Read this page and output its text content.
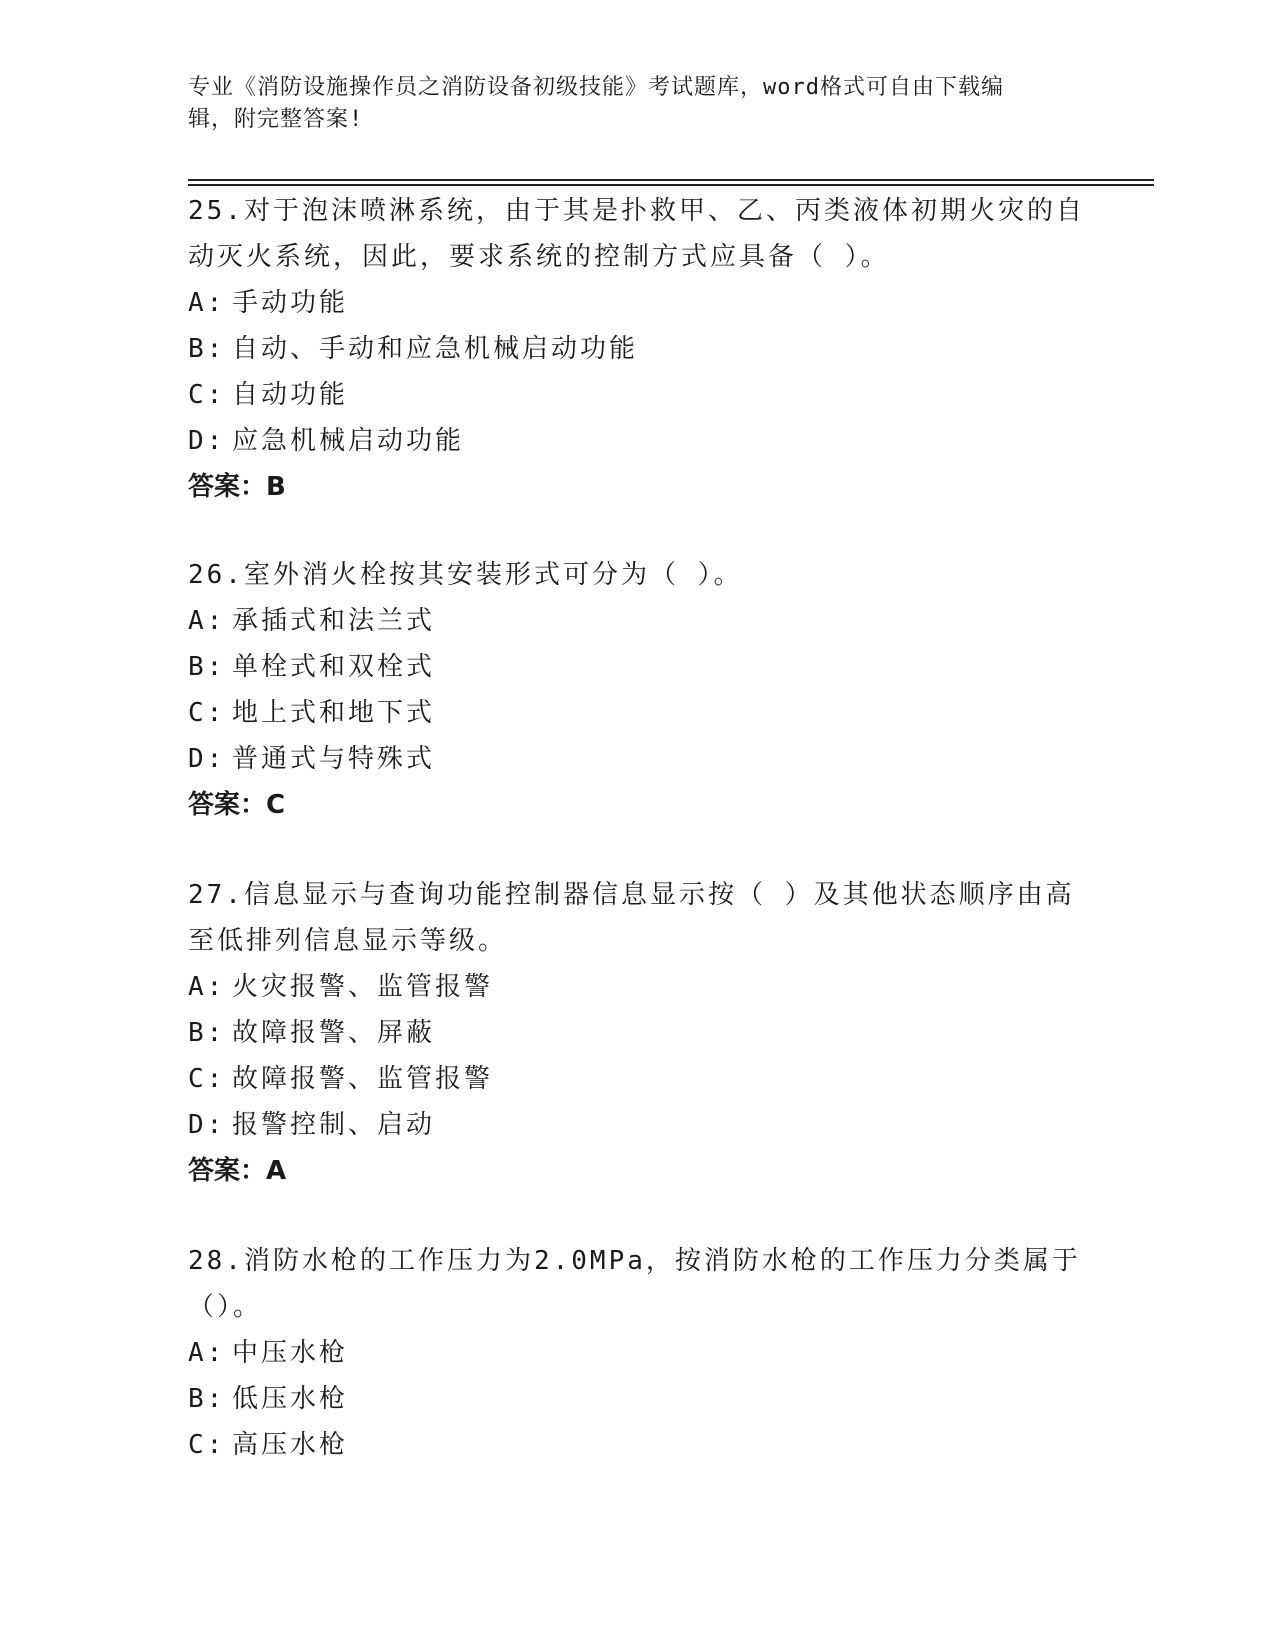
专业《消防设施操作员之消防设备初级技能》考试题库，word格式可自由下载编
辑，附完整答案!

25.对于泡沫喷淋系统，由于其是扑救甲、乙、丙类液体初期火灾的自动灭火系统，因此，要求系统的控制方式应具备（ ）。

A: 手动功能

B: 自动、手动和应急机械启动功能

C: 自动功能

D: 应急机械启动功能

答案：B

26.室外消火栓按其安装形式可分为（ ）。

A: 承插式和法兰式

B: 单栓式和双栓式

C: 地上式和地下式

D: 普通式与特殊式

答案：C

27.信息显示与查询功能控制器信息显示按（ ）及其他状态顺序由高至低排列信息显示等级。

A: 火灾报警、监管报警

B: 故障报警、屏蔽

C: 故障报警、监管报警

D: 报警控制、启动

答案：A

28.消防水枪的工作压力为2.0MPa，按消防水枪的工作压力分类属于（）。

A: 中压水枪

B: 低压水枪

C: 高压水枪
